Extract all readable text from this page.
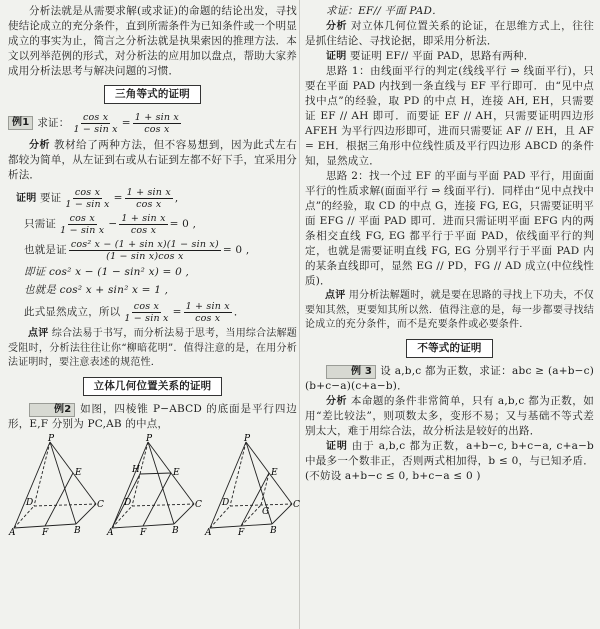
分析法就是从需要求解(或求证)的命题的结论出发，寻找使结论成立的充分条件，直到所需条件为已知条件或一个明显成立的事实为止，简言之分析法就是执果索因的推理方法．本文以列举范例的形式，对分析法的应用加以盘点，帮助大家养成用分析法思考与解决问题的习惯．

三角等式的证明
例1 求证： $\frac{\text{cos x}}{\text{1 − sin x}} = \frac{\text{1 + sin x}}{\text{cos x}}$

分析 教材给了两种方法，但不容易想到，因为此式左右都较为简单，从左证到右或从右证到左都不好下手，宜采用分析法．

证明
要证 $\frac{\text{cos x}}{\text{1 − sin x}} = \frac{\text{1 + sin x}}{\text{cos x}}$ ,
只需证 $\frac{\text{cos x}}{\text{1 − sin x}} - \frac{\text{1 + sin x}}{\text{cos x}} = 0$ ,
也就是证 $\frac{\text{cos² x − (1 + sin x)(1 − sin x)}}{\text{(1 − sin x)cos x}} = 0$ ,
即证 cos² x − (1 − sin² x) = 0 ,
也就是 cos² x + sin² x = 1 ,
此式显然成立，所以 $\frac{\text{cos x}}{\text{1 − sin x}} = \frac{\text{1 + sin x}}{\text{cos x}}$ ．

点评 综合法易于书写，而分析法易于思考，当用综合法解题受阻时，分析法往往让你“柳暗花明”．值得注意的是，在用分析法证明时，要注意表述的规范性．

立体几何位置关系的证明

例2 如图，四棱锥 P−ABCD 的底面是平行四边形，E,F 分别为 PC,AB 的中点，

P
E
D	C
A	F	B
P
H	E
D	C
A	F	B
P
E
D
G
C
A	F	B

求证：EF// 平面 PAD．

分析 对立体几何位置关系的论证，在思维方式上，往往是抓住结论、寻找论据，即采用分析法．

证明 要证明 EF// 平面 PAD，思路有两种．

思路 1：由线面平行的判定(线线平行 ⇒ 线面平行)，只要在平面 PAD 内找到一条直线与 EF 平行即可．由“见中点找中点”的经验，取 PD 的中点 H，连接 AH, EH，只需要证 EF // AH 即可．而要证 EF // AH，只需要证明四边形 AFEH 为平行四边形即可，进而只需要证 AF // EH，且 AF = EH．根据三角形中位线性质及平行四边形 ABCD 的条件知，显然成立．

思路 2：找一个过 EF 的平面与平面 PAD 平行，用面面平行的性质求解(面面平行 ⇒ 线面平行)．同样由“见中点找中点”的经验，取 CD 的中点 G，连接 FG, EG，只需要证明平面 EFG // 平面 PAD 即可．进而只需证明平面 EFG 内的两条相交直线 FG, EG 都平行于平面 PAD，依线面平行的判定，也就是需要证明直线 FG, EG 分别平行于平面 PAD 内的某条直线即可，显然 EG // PD，FG // AD 成立(中位线性质)．

点评 用分析法解题时，就是要在思路的寻找上下功夫，不仅要知其然，更要知其所以然．值得注意的是，每一步都要寻找结论成立的充分条件，而不是充要条件或必要条件．

不等式的证明

例 3 设 a,b,c 都为正数，求证：abc ≥ (a+b−c)(b+c−a)(c+a−b)．

分析 本命题的条件非常简单，只有 a,b,c 都为正数，如用“差比较法”，则项数太多，变形不易；又与基础不等式差别太大，难于用综合法，故分析法是较好的出路．

证明 由于 a,b,c 都为正数，a+b−c, b+c−a, c+a−b 中最多一个数非正，否则两式相加得，b ≤ 0，与已知矛盾．(不妨设 a+b−c ≤ 0, b+c−a ≤ 0 )
